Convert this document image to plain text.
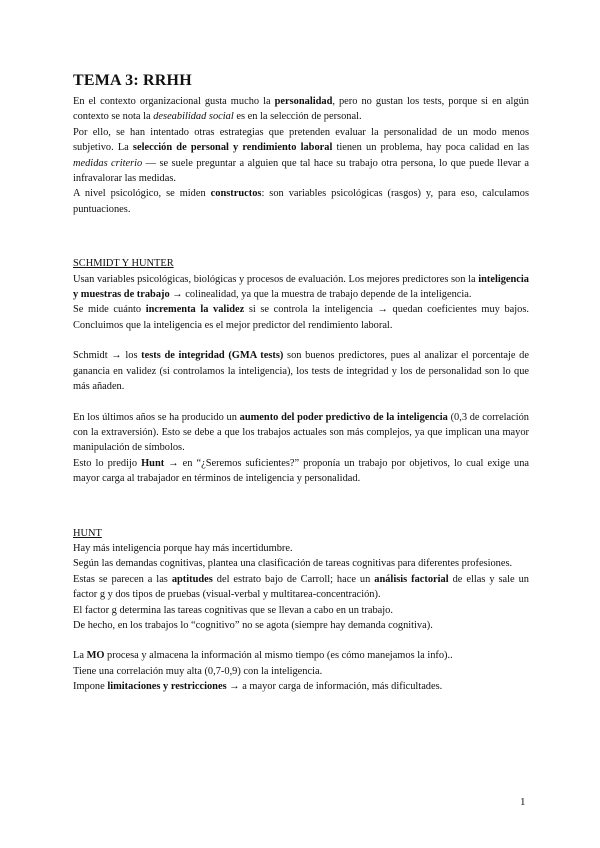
TEMA 3: RRHH

En el contexto organizacional gusta mucho la personalidad, pero no gustan los tests, porque si en algún contexto se nota la deseabilidad social es en la selección de personal.

Por ello, se han intentado otras estrategias que pretenden evaluar la personalidad de un modo menos subjetivo. La selección de personal y rendimiento laboral tienen un problema, hay poca calidad en las medidas criterio — se suele preguntar a alguien que tal hace su trabajo otra persona, lo que puede llevar a infravalorar las medidas.

A nivel psicológico, se miden constructos: son variables psicológicas (rasgos) y, para eso, calculamos puntuaciones.

SCHMIDT Y HUNTER

Usan variables psicológicas, biológicas y procesos de evaluación. Los mejores predictores son la inteligencia y muestras de trabajo → colinealidad, ya que la muestra de trabajo depende de la inteligencia.

Se mide cuánto incrementa la validez si se controla la inteligencia → quedan coeficientes muy bajos. Concluimos que la inteligencia es el mejor predictor del rendimiento laboral.

Schmidt → los tests de integridad (GMA tests) son buenos predictores, pues al analizar el porcentaje de ganancia en validez (si controlamos la inteligencia), los tests de integridad y los de personalidad son lo que más añaden.

En los últimos años se ha producido un aumento del poder predictivo de la inteligencia (0,3 de correlación con la extraversión). Esto se debe a que los trabajos actuales son más complejos, ya que implican una mayor manipulación de símbolos.

Esto lo predijo Hunt → en “¿Seremos suficientes?” proponía un trabajo por objetivos, lo cual exige una mayor carga al trabajador en términos de inteligencia y personalidad.

HUNT

Hay más inteligencia porque hay más incertidumbre.

Según las demandas cognitivas, plantea una clasificación de tareas cognitivas para diferentes profesiones.

Estas se parecen a las aptitudes del estrato bajo de Carroll; hace un análisis factorial de ellas y sale un factor g y dos tipos de pruebas (visual-verbal y multitarea-concentración).

El factor g determina las tareas cognitivas que se llevan a cabo en un trabajo.

De hecho, en los trabajos lo “cognitivo” no se agota (siempre hay demanda cognitiva).

La MO procesa y almacena la información al mismo tiempo (es cómo manejamos la info)..

Tiene una correlación muy alta (0,7-0,9) con la inteligencia.

Impone limitaciones y restricciones → a mayor carga de información, más dificultades.

1
